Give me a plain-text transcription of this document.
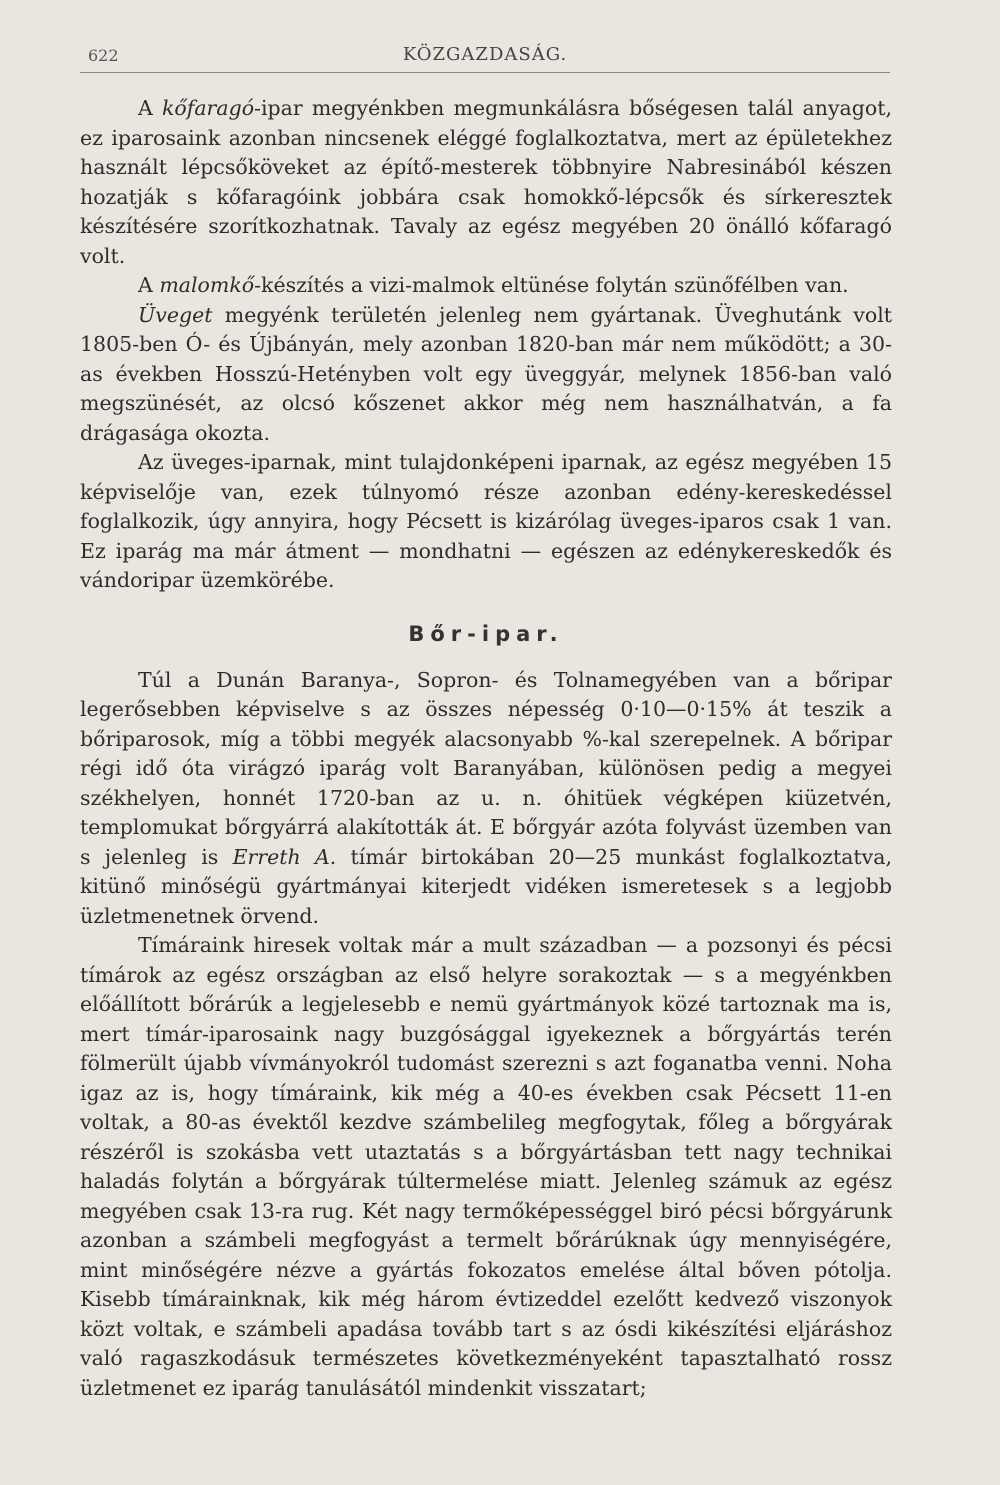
622	KÖZGAZDASÁG.

A kőfaragó-ipar megyénkben megmunkálásra bőségesen talál anyagot, ez iparosaink azonban nincsenek eléggé foglalkoztatva, mert az épületekhez használt lépcsőköveket az építő-mesterek többnyire Nabresinából készen hozatják s kőfaragóink jobbára csak homokkő-lépcsők és sírkeresztek készítésére szorítkozhatnak. Tavaly az egész megyében 20 önálló kőfaragó volt.

A malomkő-készítés a vizi-malmok eltünése folytán szünőfélben van.

Üveget megyénk területén jelenleg nem gyártanak. Üveghutánk volt 1805-ben Ó- és Újbányán, mely azonban 1820-ban már nem működött; a 30-as években Hosszú-Hetényben volt egy üveggyár, melynek 1856-ban való megszünését, az olcsó kőszenet akkor még nem használhatván, a fa drágasága okozta.

Az üveges-iparnak, mint tulajdonképeni iparnak, az egész megyében 15 képviselője van, ezek túlnyomó része azonban edény-kereskedéssel foglalkozik, úgy annyira, hogy Pécsett is kizárólag üveges-iparos csak 1 van. Ez iparág ma már átment — mondhatni — egészen az edénykereskedők és vándoripar üzemkörébe.

Bőr-ipar.

Túl a Dunán Baranya-, Sopron- és Tolnamegyében van a bőripar legerősebben képviselve s az összes népesség 0·10—0·15% át teszik a bőriparosok, míg a többi megyék alacsonyabb %-kal szerepelnek. A bőripar régi idő óta virágzó iparág volt Baranyában, különösen pedig a megyei székhelyen, honnét 1720-ban az u. n. óhitüek végképen kiüzetvén, templomukat bőrgyárrá alakították át. E bőrgyár azóta folyvást üzemben van s jelenleg is Erreth A. tímár birtokában 20—25 munkást foglalkoztatva, kitünő minőségü gyártmányai kiterjedt vidéken ismeretesek s a legjobb üzletmenetnek örvend.

Tímáraink hiresek voltak már a mult században — a pozsonyi és pécsi tímárok az egész országban az első helyre sorakoztak — s a megyénkben előállított bőrárúk a legjelesebb e nemü gyártmányok közé tartoznak ma is, mert tímár-iparosaink nagy buzgósággal igyekeznek a bőrgyártás terén fölmerült újabb vívmányokról tudomást szerezni s azt foganatba venni. Noha igaz az is, hogy tímáraink, kik még a 40-es években csak Pécsett 11-en voltak, a 80-as évektől kezdve számbelileg megfogytak, főleg a bőrgyárak részéről is szokásba vett utaztatás s a bőrgyártásban tett nagy technikai haladás folytán a bőrgyárak túltermelése miatt. Jelenleg számuk az egész megyében csak 13-ra rug. Két nagy termőképességgel biró pécsi bőrgyárunk azonban a számbeli megfogyást a termelt bőrárúknak úgy mennyiségére, mint minőségére nézve a gyártás fokozatos emelése által bőven pótolja. Kisebb tímárainknak, kik még három évtizeddel ezelőtt kedvező viszonyok közt voltak, e számbeli apadása tovább tart s az ósdi kikészítési eljáráshoz való ragaszkodásuk természetes következményeként tapasztalható rossz üzletmenet ez iparág tanulásától mindenkit visszatart;
